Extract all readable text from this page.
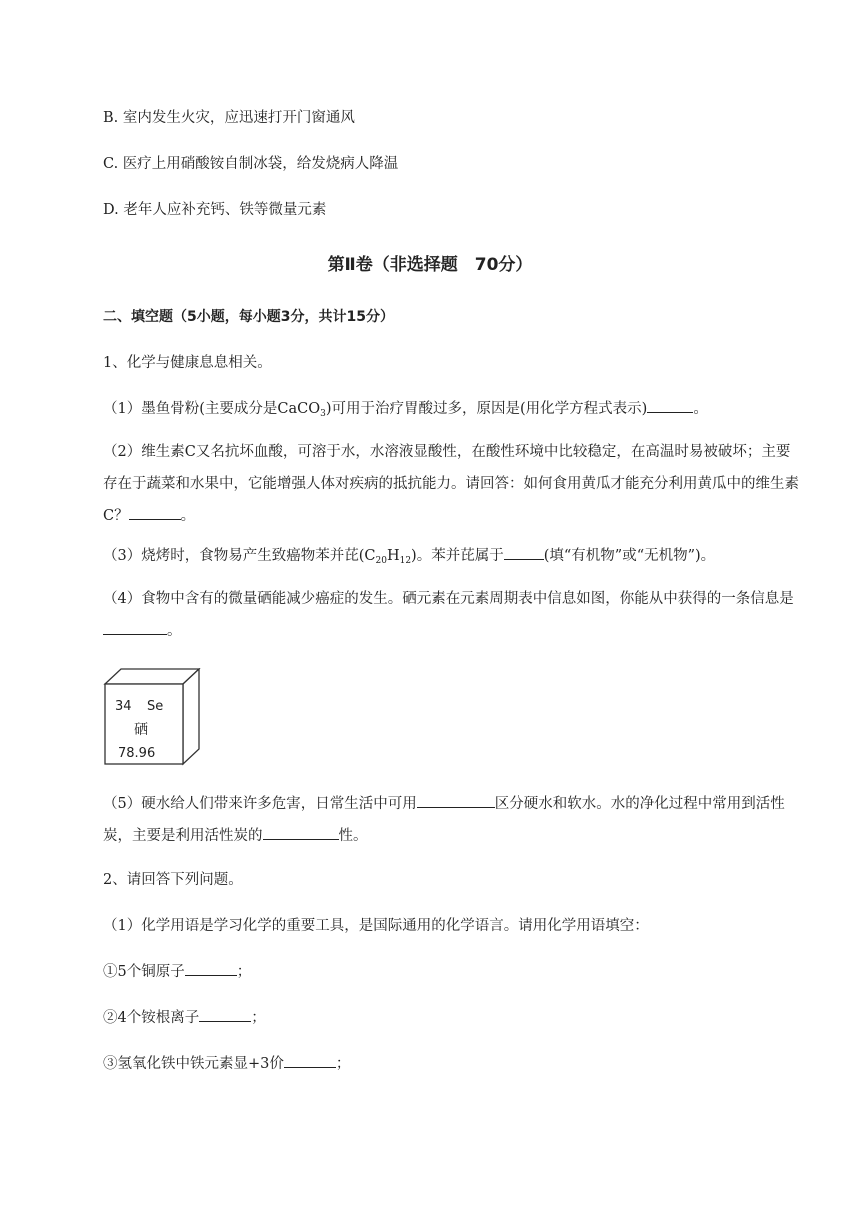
B. 室内发生火灾，应迅速打开门窗通风
C. 医疗上用硝酸铵自制冰袋，给发烧病人降温
D. 老年人应补充钙、铁等微量元素
第Ⅱ卷（非选择题　70分）
二、填空题（5小题，每小题3分，共计15分）
1、化学与健康息息相关。
（1）墨鱼骨粉(主要成分是CaCO$_3$)可用于治疗胃酸过多，原因是(用化学方程式表示)	。
（2）维生素C又名抗坏血酸，可溶于水，水溶液显酸性，在酸性环境中比较稳定，在高温时易被破坏；主要存在于蔬菜和水果中，它能增强人体对疾病的抵抗能力。请回答：如何食用黄瓜才能充分利用黄瓜中的维生素C？	。
（3）烧烤时，食物易产生致癌物苯并芘$(C_{20}H_{12})$。苯并芘属于	(填“有机物”或“无机物”)。
（4）食物中含有的微量硒能减少癌症的发生。硒元素在元素周期表中信息如图，你能从中获得的一条信息是。
34 Se
硒
78.96
（5）硬水给人们带来许多危害，日常生活中可用	区分硬水和软水。水的净化过程中常用到活性炭，主要是利用活性炭的	性。
2、请回答下列问题。
（1）化学用语是学习化学的重要工具，是国际通用的化学语言。请用化学用语填空：
①5个铜原子	；
②4个铵根离子	；
③氢氧化铁中铁元素显+3价	；
